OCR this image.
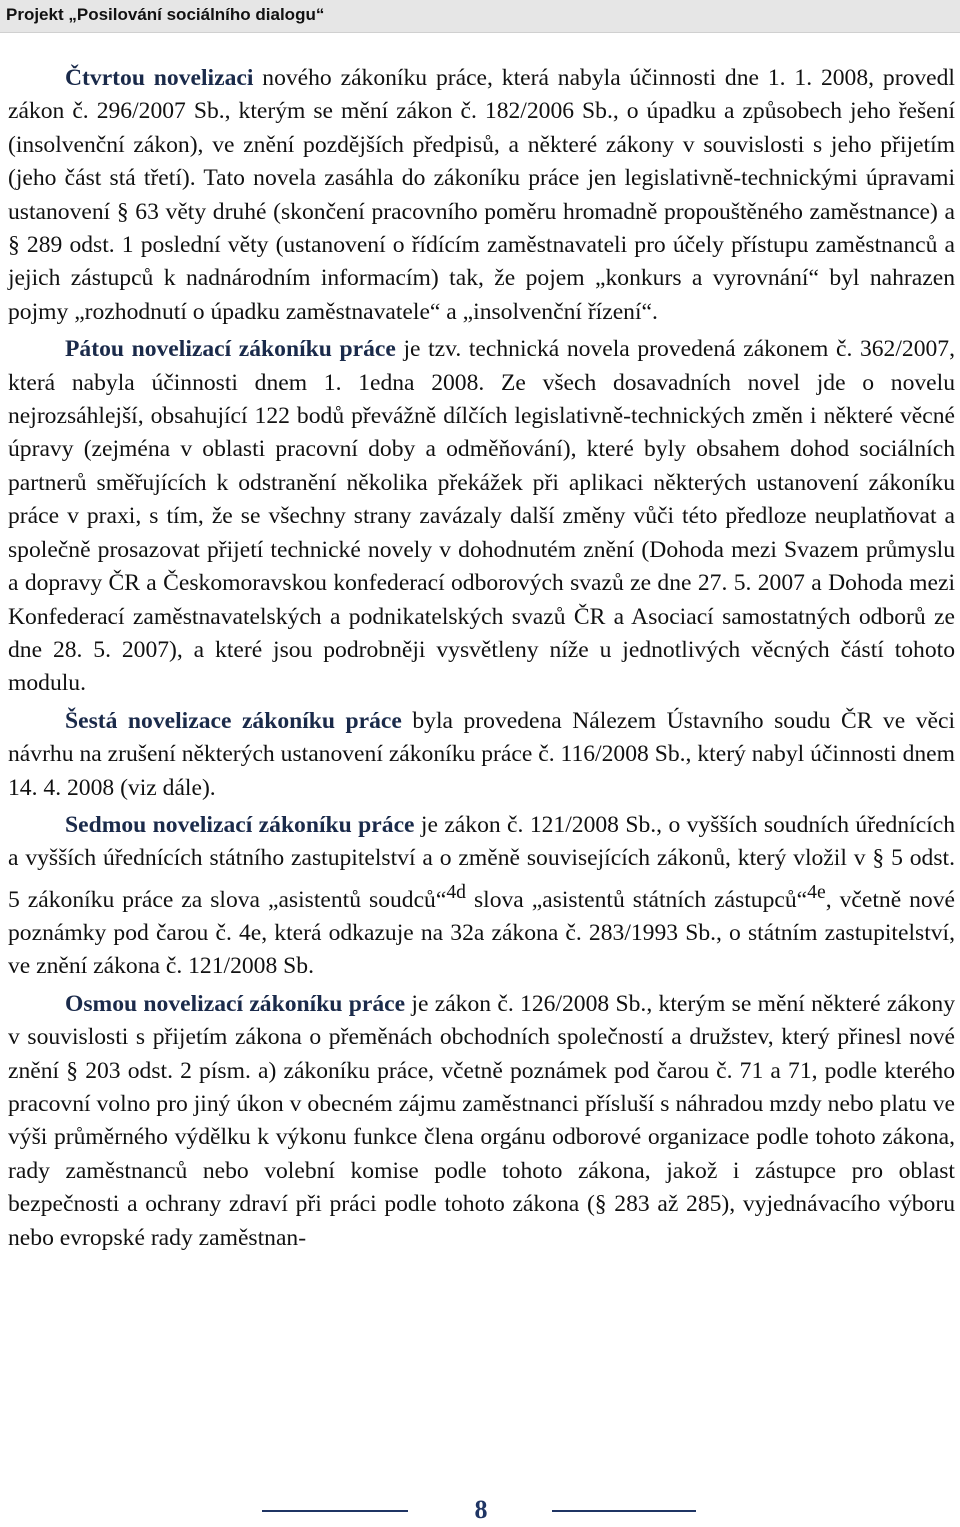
Projekt „Posilování sociálního dialogu“

Čtvrtou novelizaci nového zákoníku práce, která nabyla účinnosti dne 1. 1. 2008, provedl zákon č. 296/2007 Sb., kterým se mění zákon č. 182/2006 Sb., o úpadku a způsobech jeho řešení (insolvenční zákon), ve znění pozdějších předpisů, a některé zákony v souvislosti s jeho přijetím (jeho část stá třetí). Tato novela zasáhla do zákoníku práce jen legislativně-technickými úpravami ustanovení § 63 věty druhé (skončení pracovního poměru hromadně propouštěného zaměstnance) a § 289 odst. 1 poslední věty (ustanovení o řídícím zaměstnavateli pro účely přístupu zaměstnanců a jejich zástupců k nadnárodním informacím) tak, že pojem „konkurs a vyrovnání“ byl nahrazen pojmy „rozhodnutí o úpadku zaměstnavatele“ a „insolvenční řízení“.

Pátou novelizací zákoníku práce je tzv. technická novela provedená zákonem č. 362/2007, která nabyla účinnosti dnem 1. 1edna 2008. Ze všech dosavadních novel jde o novelu nejrozsáhlejší, obsahující 122 bodů převážně dílčích legislativně-technických změn i některé věcné úpravy (zejména v oblasti pracovní doby a odměňování), které byly obsahem dohod sociálních partnerů směřujících k odstranění několika překážek při aplikaci některých ustanovení zákoníku práce v praxi, s tím, že se všechny strany zavázaly další změny vůči této předloze neuplatňovat a společně prosazovat přijetí technické novely v dohodnutém znění (Dohoda mezi Svazem průmyslu a dopravy ČR a Českomoravskou konfederací odborových svazů ze dne 27. 5. 2007 a Dohoda mezi Konfederací zaměstnavatelských a podnikatelských svazů ČR a Asociací samostatných odborů ze dne 28. 5. 2007), a které jsou podrobněji vysvětleny níže u jednotlivých věcných částí tohoto modulu.

Šestá novelizace zákoníku práce byla provedena Nálezem Ústavního soudu ČR ve věci návrhu na zrušení některých ustanovení zákoníku práce č. 116/2008 Sb., který nabyl účinnosti dnem 14. 4. 2008 (viz dále).

Sedmou novelizací zákoníku práce je zákon č. 121/2008 Sb., o vyšších soudních úřednících a vyšších úřednících státního zastupitelství a o změně souvisejících zákonů, který vložil v § 5 odst. 5 zákoníku práce za slova „asistentů soudců“$^{4d}$ slova „asistentů státních zástupců“$^{4e}$, včetně nové poznámky pod čarou č. 4e, která odkazuje na 32a zákona č. 283/1993 Sb., o státním zastupitelství, ve znění zákona č. 121/2008 Sb.

Osmou novelizací zákoníku práce je zákon č. 126/2008 Sb., kterým se mění některé zákony v souvislosti s přijetím zákona o přeměnách obchodních společností a družstev, který přinesl nové znění § 203 odst. 2 písm. a) zákoníku práce, včetně poznámek pod čarou č. 71 a 71, podle kterého pracovní volno pro jiný úkon v obecném zájmu zaměstnanci přísluší s náhradou mzdy nebo platu ve výši průměrného výdělku k výkonu funkce člena orgánu odborové organizace podle tohoto zákona, rady zaměstnanců nebo volební komise podle tohoto zákona, jakož i zástupce pro oblast bezpečnosti a ochrany zdraví při práci podle tohoto zákona (§ 283 až 285), vyjednávacího výboru nebo evropské rady zaměstnan-

8
